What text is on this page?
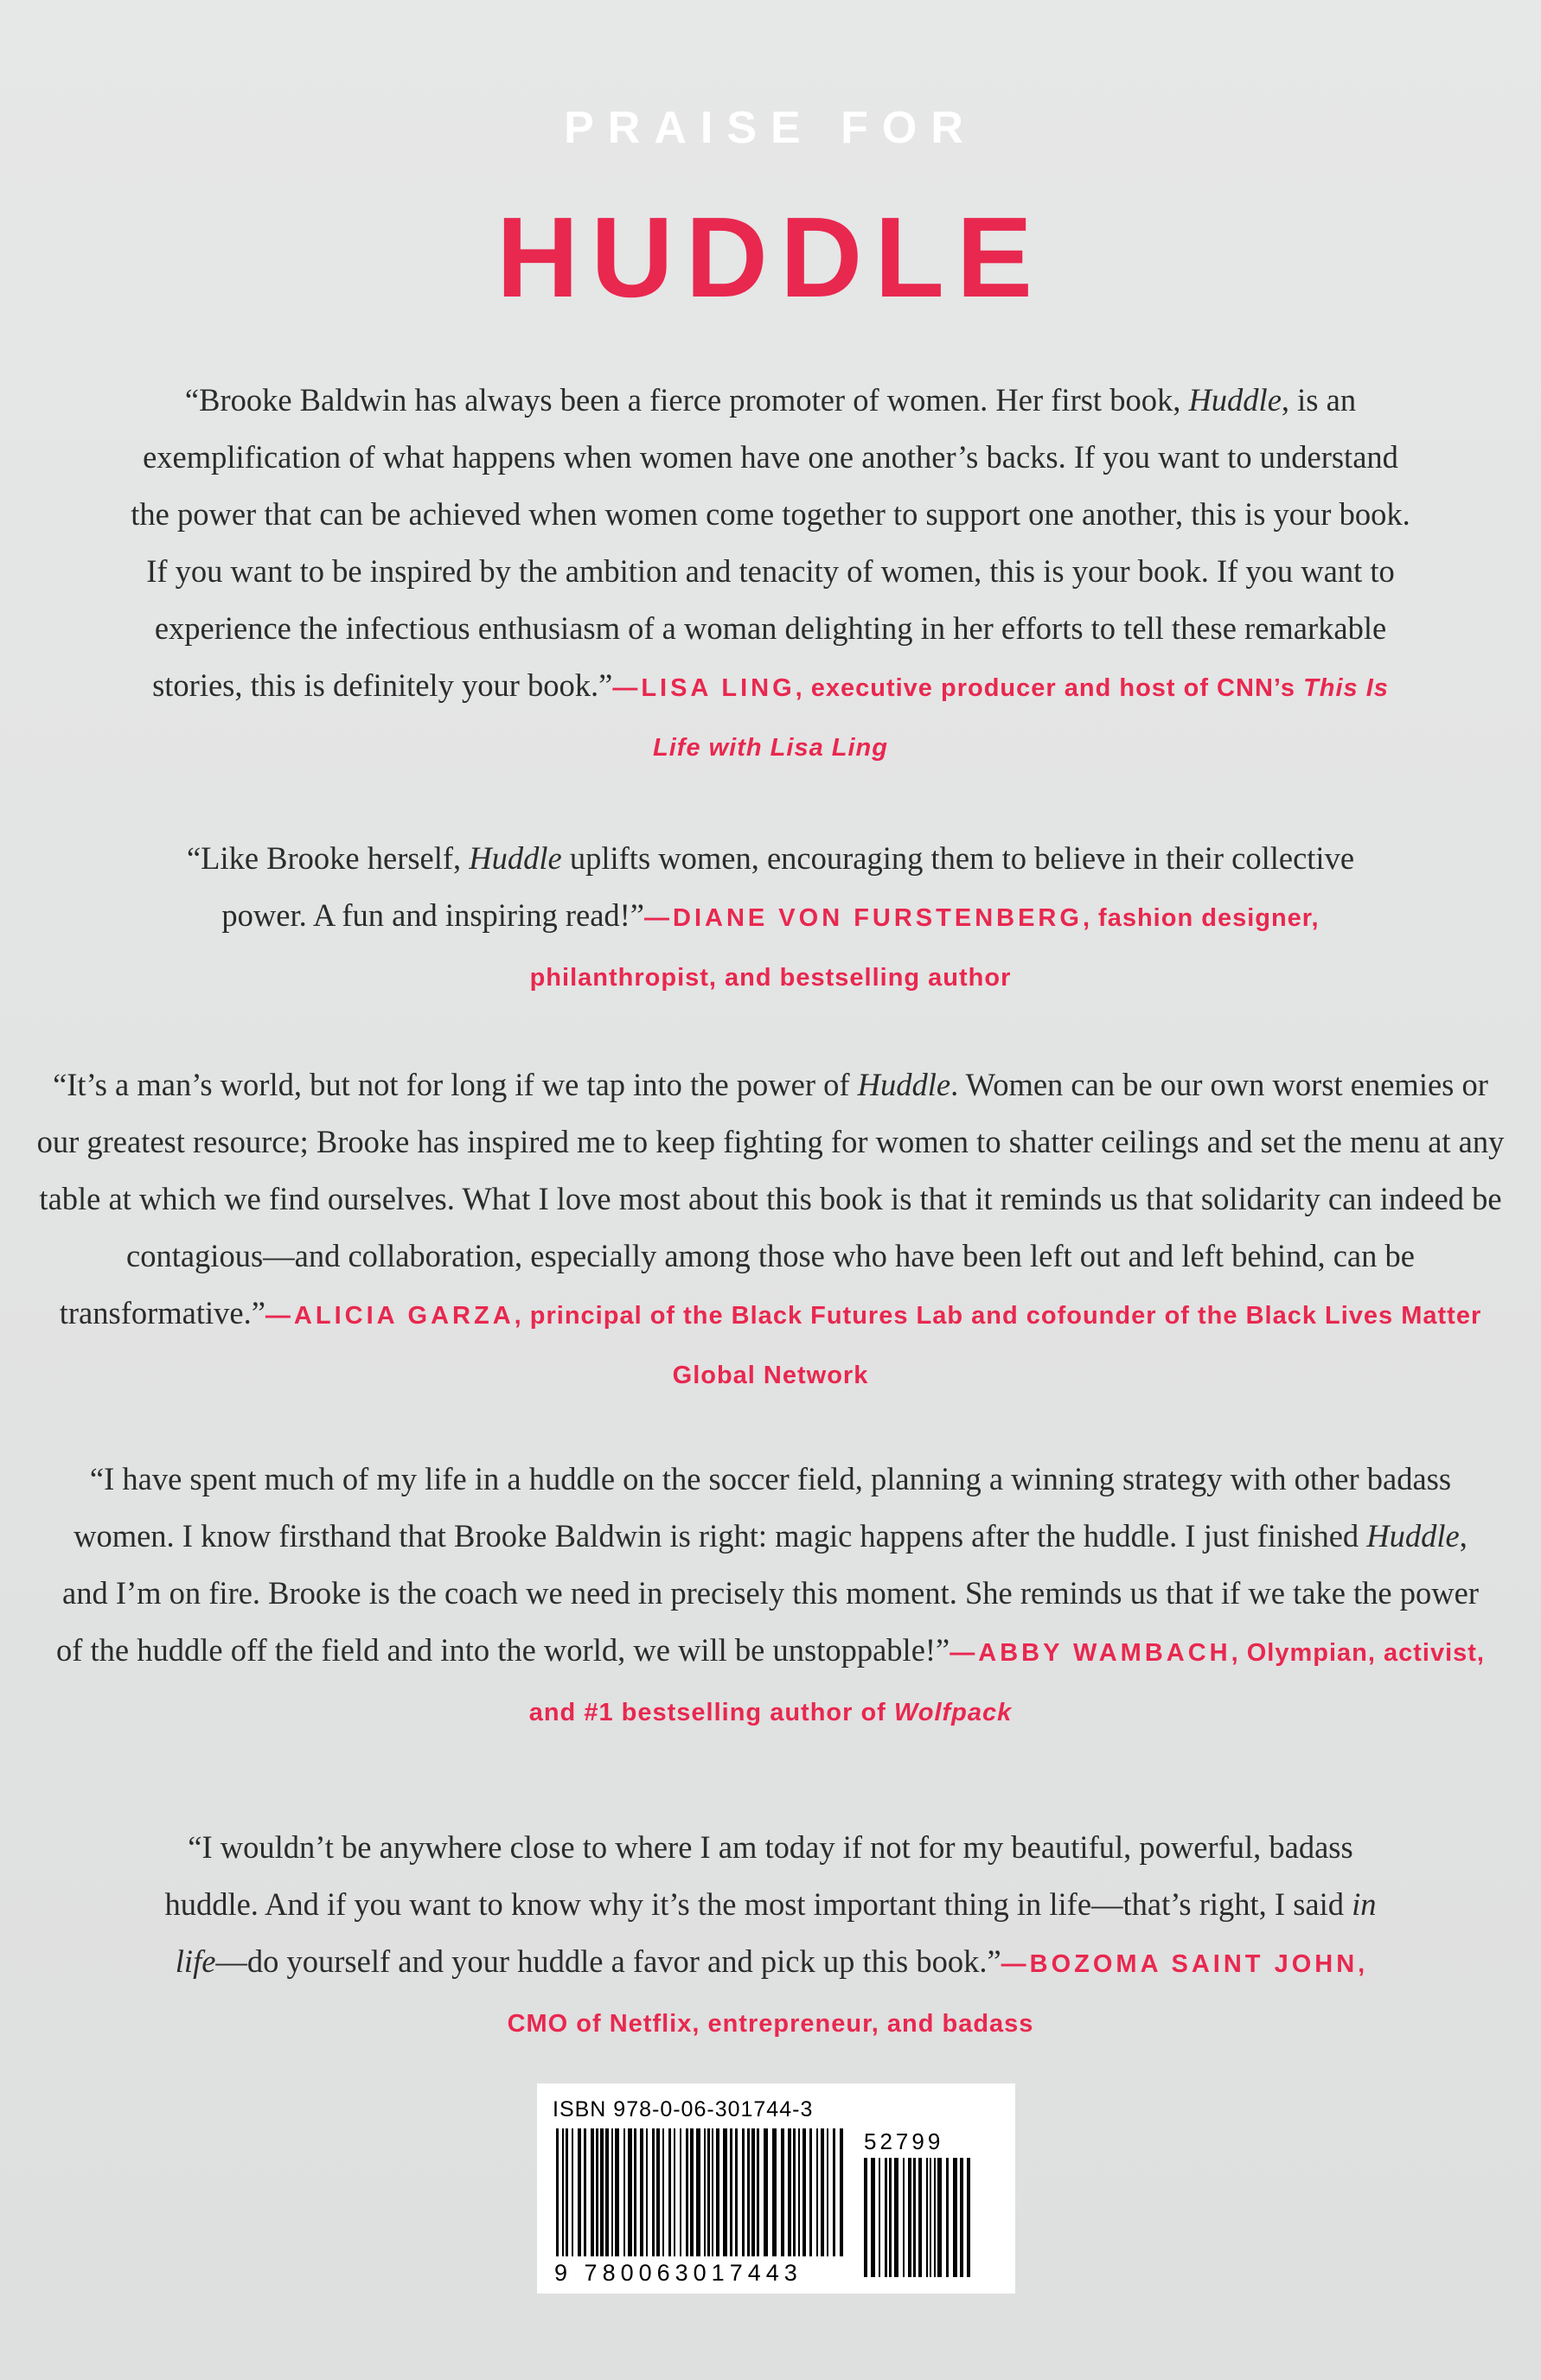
PRAISE FOR
HUDDLE

“Brooke Baldwin has always been a fierce promoter of women. Her first book, Huddle, is an exemplification of what happens when women have one another’s backs. If you want to understand the power that can be achieved when women come together to support one another, this is your book. If you want to be inspired by the ambition and tenacity of women, this is your book. If you want to experience the infectious enthusiasm of a woman delighting in her efforts to tell these remarkable stories, this is definitely your book.”—LISA LING, executive producer and host of CNN’s This Is Life with Lisa Ling

“Like Brooke herself, Huddle uplifts women, encouraging them to believe in their collective power. A fun and inspiring read!”—DIANE VON FURSTENBERG, fashion designer, philanthropist, and bestselling author

“It’s a man’s world, but not for long if we tap into the power of Huddle. Women can be our own worst enemies or our greatest resource; Brooke has inspired me to keep fighting for women to shatter ceilings and set the menu at any table at which we find ourselves. What I love most about this book is that it reminds us that solidarity can indeed be contagious—and collaboration, especially among those who have been left out and left behind, can be transformative.”—ALICIA GARZA, principal of the Black Futures Lab and cofounder of the Black Lives Matter Global Network

“I have spent much of my life in a huddle on the soccer field, planning a winning strategy with other badass women. I know firsthand that Brooke Baldwin is right: magic happens after the huddle. I just finished Huddle, and I’m on fire. Brooke is the coach we need in precisely this moment. She reminds us that if we take the power of the huddle off the field and into the world, we will be unstoppable!”—ABBY WAMBACH, Olympian, activist, and #1 bestselling author of Wolfpack

“I wouldn’t be anywhere close to where I am today if not for my beautiful, powerful, badass huddle. And if you want to know why it’s the most important thing in life—that’s right, I said in life—do yourself and your huddle a favor and pick up this book.”—BOZOMA SAINT JOHN, CMO of Netflix, entrepreneur, and badass

ISBN 978-0-06-301744-3
52799
9 780063017443
